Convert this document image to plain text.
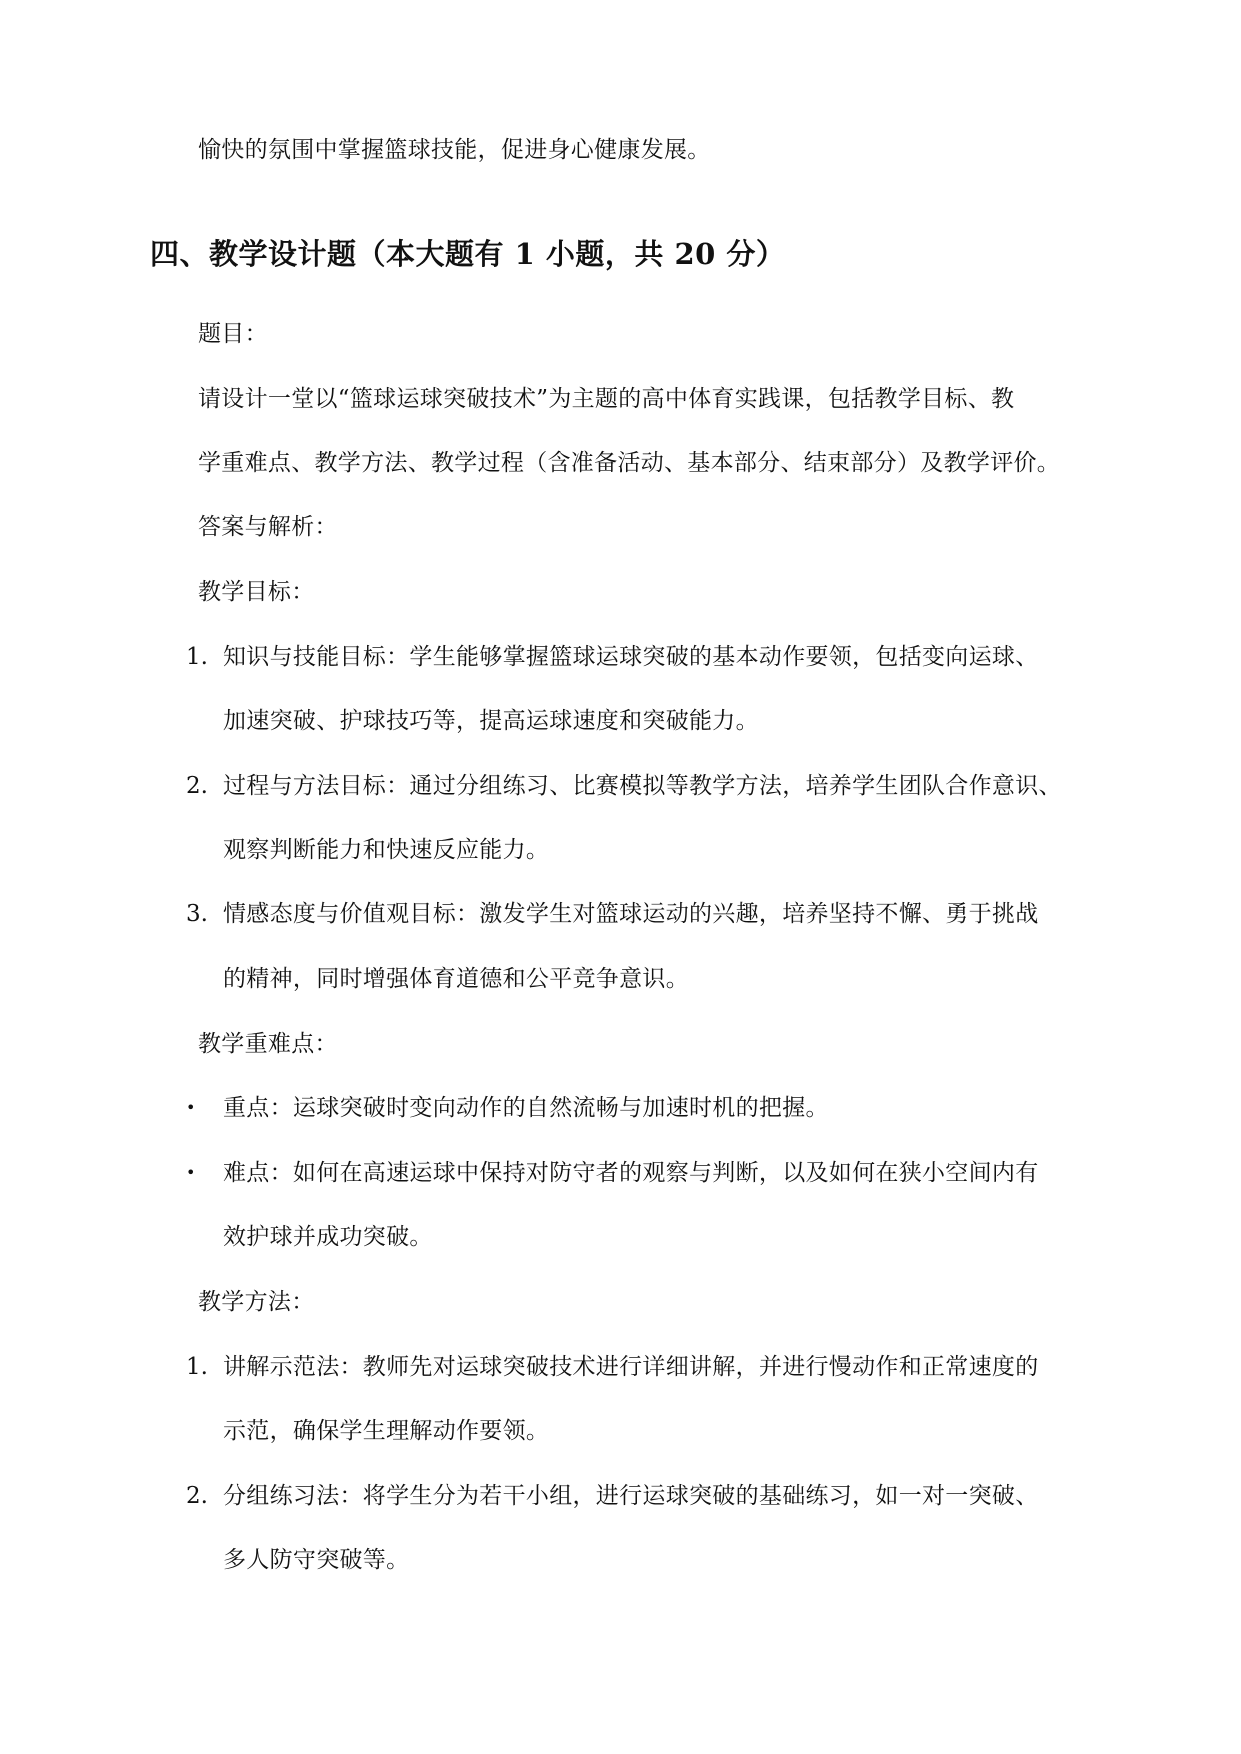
愉快的氛围中掌握篮球技能，促进身心健康发展。
四、教学设计题（本大题有 1 小题，共 20 分）
题目：
请设计一堂以“篮球运球突破技术”为主题的高中体育实践课，包括教学目标、教
学重难点、教学方法、教学过程（含准备活动、基本部分、结束部分）及教学评价。
答案与解析：
教学目标：
1. 知识与技能目标：学生能够掌握篮球运球突破的基本动作要领，包括变向运球、
加速突破、护球技巧等，提高运球速度和突破能力。
2. 过程与方法目标：通过分组练习、比赛模拟等教学方法，培养学生团队合作意识、
观察判断能力和快速反应能力。
3. 情感态度与价值观目标：激发学生对篮球运动的兴趣，培养坚持不懈、勇于挑战
的精神，同时增强体育道德和公平竞争意识。
教学重难点：
• 重点：运球突破时变向动作的自然流畅与加速时机的把握。
• 难点：如何在高速运球中保持对防守者的观察与判断，以及如何在狭小空间内有
效护球并成功突破。
教学方法：
1. 讲解示范法：教师先对运球突破技术进行详细讲解，并进行慢动作和正常速度的
示范，确保学生理解动作要领。
2. 分组练习法：将学生分为若干小组，进行运球突破的基础练习，如一对一突破、
多人防守突破等。
